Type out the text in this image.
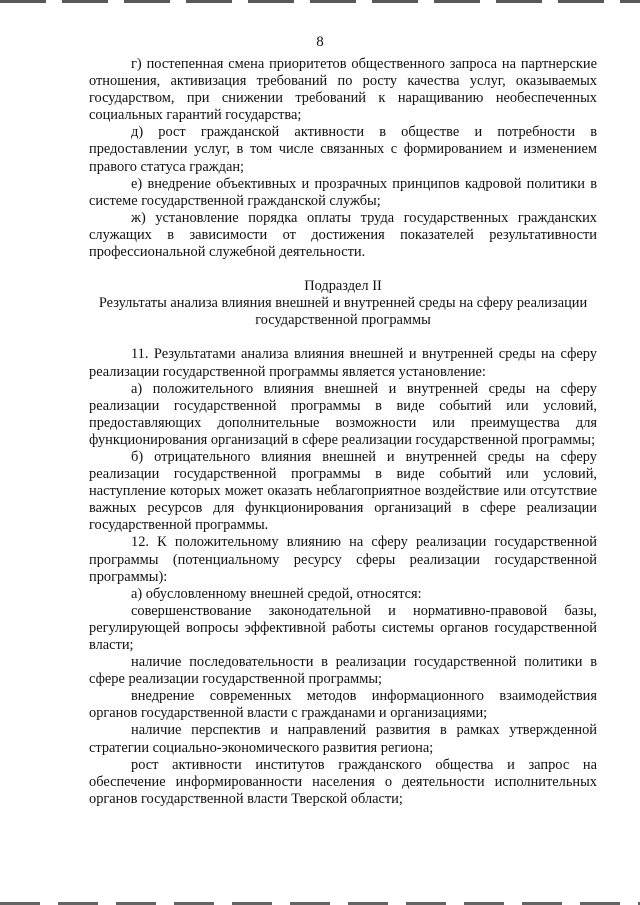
8

г) постепенная смена приоритетов общественного запроса на партнерские отношения, активизация требований по росту качества услуг, оказываемых государством, при снижении требований к наращиванию необеспеченных социальных гарантий государства;

д) рост гражданской активности в обществе и потребности в предоставлении услуг, в том числе связанных с формированием и изменением правого статуса граждан;

е) внедрение объективных и прозрачных принципов кадровой политики в системе государственной гражданской службы;

ж) установление порядка оплаты труда государственных гражданских служащих в зависимости от достижения показателей результативности профессиональной служебной деятельности.

Подраздел II

Результаты анализа влияния внешней и внутренней среды на сферу реализации государственной программы

11. Результатами анализа влияния внешней и внутренней среды на сферу реализации государственной программы является установление:

а) положительного влияния внешней и внутренней среды на сферу реализации государственной программы в виде событий или условий, предоставляющих дополнительные возможности или преимущества для функционирования организаций в сфере реализации государственной программы;

б) отрицательного влияния внешней и внутренней среды на сферу реализации государственной программы в виде событий или условий, наступление которых может оказать неблагоприятное воздействие или отсутствие важных ресурсов для функционирования организаций в сфере реализации государственной программы.

12. К положительному влиянию на сферу реализации государственной программы (потенциальному ресурсу сферы реализации государственной программы):

а) обусловленному внешней средой, относятся:

совершенствование законодательной и нормативно-правовой базы, регулирующей вопросы эффективной работы системы органов государственной власти;

наличие последовательности в реализации государственной политики в сфере реализации государственной программы;

внедрение современных методов информационного взаимодействия органов государственной власти с гражданами и организациями;

наличие перспектив и направлений развития в рамках утвержденной стратегии социально-экономического развития региона;

рост активности институтов гражданского общества и запрос на обеспечение информированности населения о деятельности исполнительных органов государственной власти Тверской области;
